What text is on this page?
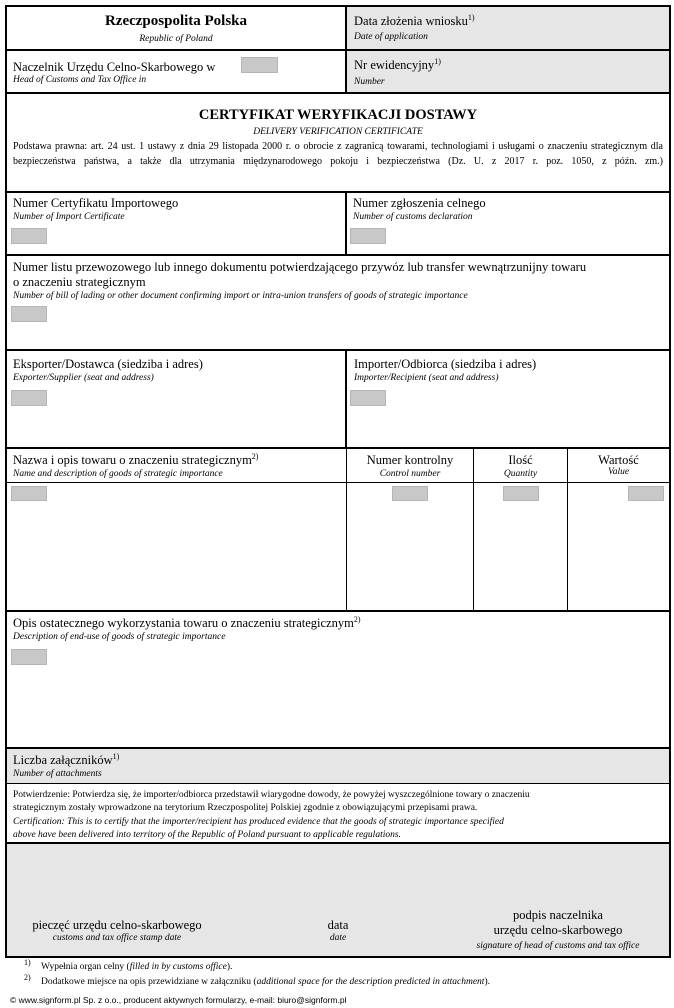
Rzeczpospolita Polska
Republic of Poland
Data złożenia wniosku$^{1)}$
Date of application
Naczelnik Urzędu Celno-Skarbowego w
Head of Customs and Tax Office in
Nr ewidencyjny$^{1)}$
Number
CERTYFIKAT WERYFIKACJI DOSTAWY
DELIVERY VERIFICATION CERTIFICATE
Podstawa prawna: art. 24 ust. 1 ustawy z dnia 29 listopada 2000 r. o obrocie z zagranicą towarami, technologiami i usługami o znaczeniu strategicznym dla bezpieczeństwa państwa, a także dla utrzymania międzynarodowego pokoju i bezpieczeństwa (Dz. U. z 2017 r. poz. 1050, z późn. zm.)
Numer Certyfikatu Importowego
Number of Import Certificate
Numer zgłoszenia celnego
Number of customs declaration
Numer listu przewozowego lub innego dokumentu potwierdzającego przywóz lub transfer wewnątrzunijny towaru
o znaczeniu strategicznym
Number of bill of lading or other document confirming import or intra-union transfers of goods of strategic importance
Eksporter/Dostawca (siedziba i adres)
Exporter/Supplier (seat and address)
Importer/Odbiorca (siedziba i adres)
Importer/Recipient (seat and address)
Nazwa i opis towaru o znaczeniu strategicznym$^{2)}$
Name and description of goods of strategic importance
Numer kontrolny
Control number
Ilość
Quantity
Wartość
Value
Opis ostatecznego wykorzystania towaru o znaczeniu strategicznym$^{2)}$
Description of end-use of goods of strategic importance
Liczba załączników$^{1)}$
Number of attachments
Potwierdzenie: Potwierdza się, że importer/odbiorca przedstawił wiarygodne dowody, że powyżej wyszczególnione towary o znaczeniu
strategicznym zostały wprowadzone na terytorium Rzeczpospolitej Polskiej zgodnie z obowiązującymi przepisami prawa.
Certification: This is to certify that the importer/recipient has produced evidence that the goods of strategic importance specified
above have been delivered into territory of the Republic of Poland pursuant to applicable regulations.
pieczęć urzędu celno-skarbowego
customs and tax office stamp date
data
date
podpis naczelnika
urzędu celno-skarbowego
signature of head of customs and tax office
$^{1)}$ Wypełnia organ celny (filled in by customs office).
$^{2)}$ Dodatkowe miejsce na opis przewidziane w załączniku (additional space for the description predicted in attachment).
© www.signform.pl Sp. z o.o., producent aktywnych formularzy, e-mail: biuro@signform.pl
